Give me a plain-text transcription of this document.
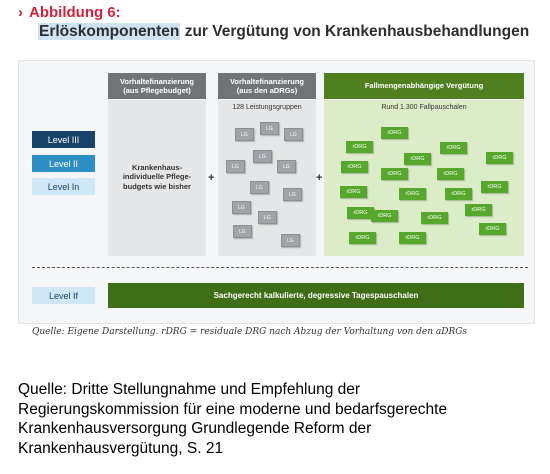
› Abbildung 6:
Erlöskomponenten zur Vergütung von Krankenhausbehandlungen
Level III
Level II
Level In
Level If
Vorhaltefinanzierung
(aus Pflegebudget)
Krankenhaus-
individuelle Pflege-
budgets wie bisher
+
Vorhaltefinanzierung
(aus den aDRGs)
128 Leistungsgruppen
LG
LG
LG
LG
LG	LG
LG
LG
LG
LG
LG
LG
+
Fallmengenabhängige Vergütung
Rund 1.300 Fallpauschalen
rDRG
rDRG
rDRG
rDRG	rDRG
rDRG
rDRG	rDRG
rDRG	rDRG
rDRG
rDRG
rDRG	rDRG	rDRG
rDRG
rDRG	rDRG
rDRG
Sachgerecht kalkulierte, degressive Tagespauschalen
Quelle: Eigene Darstellung. rDRG = residuale DRG nach Abzug der Vorhaltung von den aDRGs
Quelle: Dritte Stellungnahme und Empfehlung der
Regierungskommission für eine moderne und bedarfsgerechte
Krankenhausversorgung Grundlegende Reform der
Krankenhausvergütung, S. 21
